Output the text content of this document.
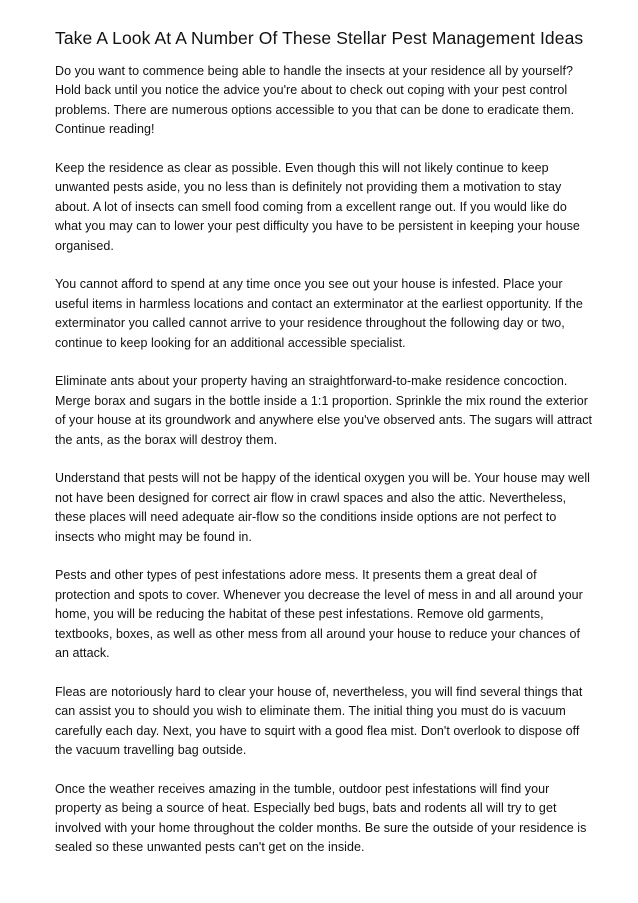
Take A Look At A Number Of These Stellar Pest Management Ideas

Do you want to commence being able to handle the insects at your residence all by yourself? Hold back until you notice the advice you're about to check out coping with your pest control problems. There are numerous options accessible to you that can be done to eradicate them. Continue reading!

Keep the residence as clear as possible. Even though this will not likely continue to keep unwanted pests aside, you no less than is definitely not providing them a motivation to stay about. A lot of insects can smell food coming from a excellent range out. If you would like do what you may can to lower your pest difficulty you have to be persistent in keeping your house organised.

You cannot afford to spend at any time once you see out your house is infested. Place your useful items in harmless locations and contact an exterminator at the earliest opportunity. If the exterminator you called cannot arrive to your residence throughout the following day or two, continue to keep looking for an additional accessible specialist.

Eliminate ants about your property having an straightforward-to-make residence concoction. Merge borax and sugars in the bottle inside a 1:1 proportion. Sprinkle the mix round the exterior of your house at its groundwork and anywhere else you've observed ants. The sugars will attract the ants, as the borax will destroy them.

Understand that pests will not be happy of the identical oxygen you will be. Your house may well not have been designed for correct air flow in crawl spaces and also the attic. Nevertheless, these places will need adequate air-flow so the conditions inside options are not perfect to insects who might may be found in.

Pests and other types of pest infestations adore mess. It presents them a great deal of protection and spots to cover. Whenever you decrease the level of mess in and all around your home, you will be reducing the habitat of these pest infestations. Remove old garments, textbooks, boxes, as well as other mess from all around your house to reduce your chances of an attack.

Fleas are notoriously hard to clear your house of, nevertheless, you will find several things that can assist you to should you wish to eliminate them. The initial thing you must do is vacuum carefully each day. Next, you have to squirt with a good flea mist. Don't overlook to dispose off the vacuum travelling bag outside.

Once the weather receives amazing in the tumble, outdoor pest infestations will find your property as being a source of heat. Especially bed bugs, bats and rodents all will try to get involved with your home throughout the colder months. Be sure the outside of your residence is sealed so these unwanted pests can't get on the inside.
